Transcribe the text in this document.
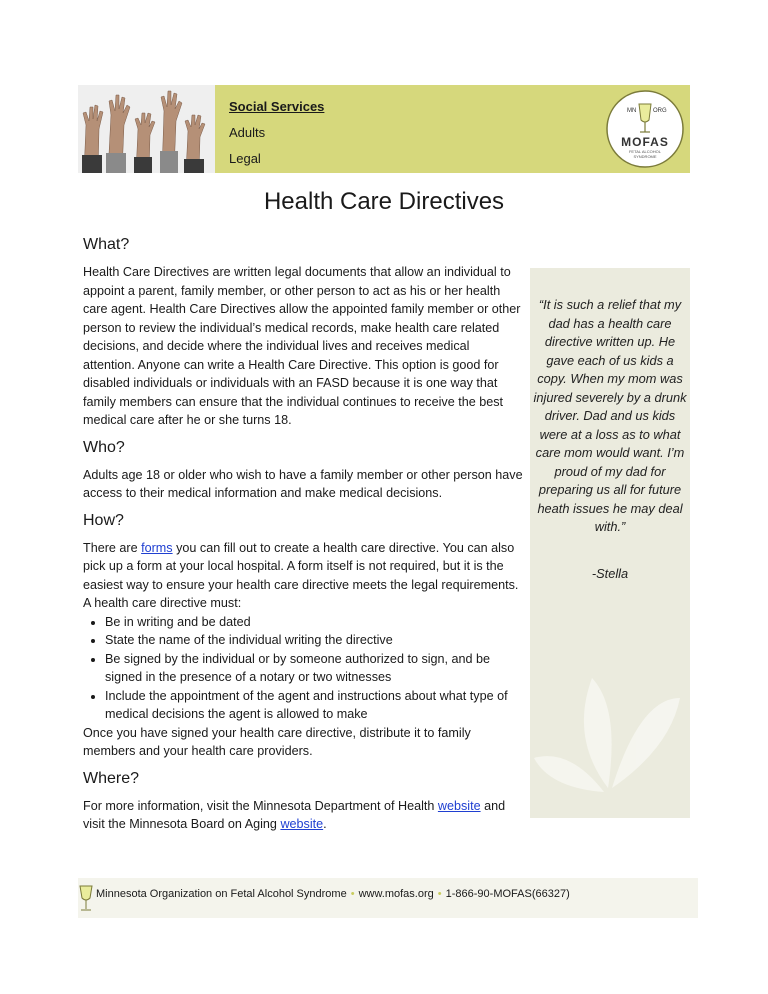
Social Services
Adults
Legal
MN	ORG
MOFAS
FETAL ALCOHOL
SYNDROME
Health Care Directives
What?

Health Care Directives are written legal documents that allow an individual to appoint a parent, family member, or other person to act as his or her health care agent. Health Care Directives allow the appointed family member or other person to review the individual’s medical records, make health care related decisions, and decide where the individual lives and receives medical attention. Anyone can write a Health Care Directive. This option is good for disabled individuals or individuals with an FASD because it is one way that family members can ensure that the individual continues to receive the best medical care after he or she turns 18.

Who?

Adults age 18 or older who wish to have a family member or other person have access to their medical information and make medical decisions.

How?
There are forms you can fill out to create a health care directive. You can also pick up a form at your local hospital. A form itself is not required, but it is the easiest way to ensure your health care directive meets the legal requirements. A health care directive must:
• Be in writing and be dated
• State the name of the individual writing the directive
• Be signed by the individual or by someone authorized to sign, and be signed in the presence of a notary or two witnesses
• Include the appointment of the agent and instructions about what type of medical decisions the agent is allowed to make

Once you have signed your health care directive, distribute it to family members and your health care providers.

Where?
For more information, visit the Minnesota Department of Health website and visit the Minnesota Board on Aging website.
“It is such a relief that my dad has a health care directive written up. He gave each of us kids a copy. When my mom was injured severely by a drunk driver. Dad and us kids were at a loss as to what care mom would want. I’m proud of my dad for preparing us all for future heath issues he may deal with.”
-Stella
Minnesota Organization on Fetal Alcohol Syndrome • www.mofas.org • 1-866-90-MOFAS(66327)
